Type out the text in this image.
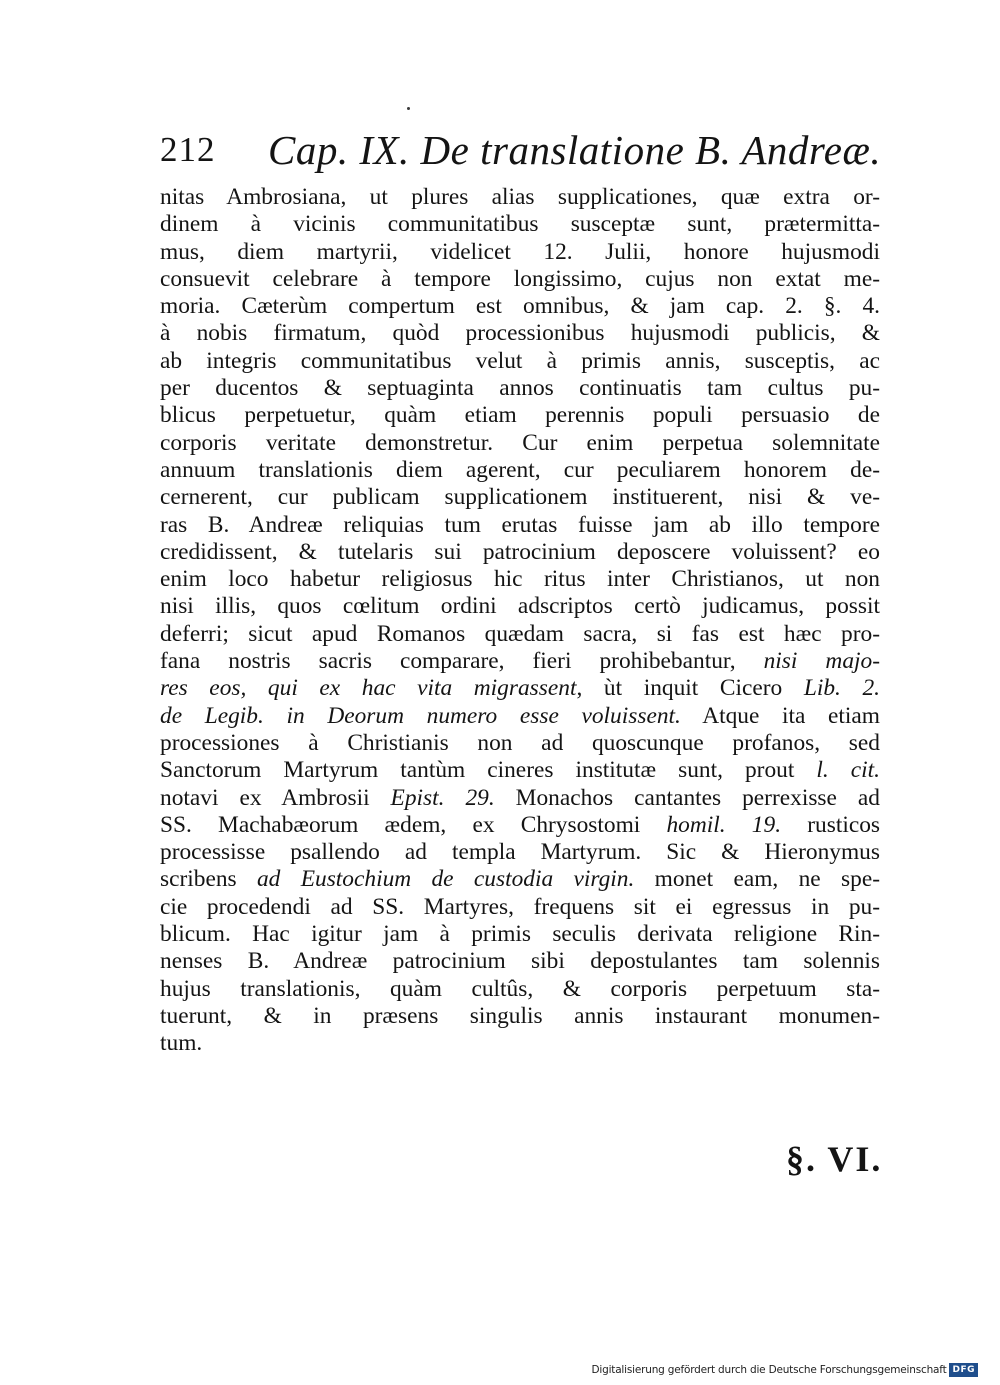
212 Cap. IX. De translatione B. Andreæ.
nitas Ambrosiana, ut plures alias supplicationes, quæ extra or-
dinem à vicinis communitatibus susceptæ sunt, prætermitta-
mus, diem martyrii, videlicet 12. Julii, honore hujusmodi
consuevit celebrare à tempore longissimo, cujus non extat me-
moria. Cæterùm compertum est omnibus, & jam cap. 2. §. 4.
à nobis firmatum, quòd processionibus hujusmodi publicis, &
ab integris communitatibus velut à primis annis, susceptis, ac
per ducentos & septuaginta annos continuatis tam cultus pu-
blicus perpetuetur, quàm etiam perennis populi persuasio de
corporis veritate demonstretur. Cur enim perpetua solemnitate
annuum translationis diem agerent, cur peculiarem honorem de-
cernerent, cur publicam supplicationem instituerent, nisi & ve-
ras B. Andreæ reliquias tum erutas fuisse jam ab illo tempore
credidissent, & tutelaris sui patrocinium deposcere voluissent? eo
enim loco habetur religiosus hic ritus inter Christianos, ut non
nisi illis, quos cœlitum ordini adscriptos certò judicamus, possit
deferri; sicut apud Romanos quædam sacra, si fas est hæc pro-
fana nostris sacris comparare, fieri prohibebantur, nisi majo-
res eos, qui ex hac vita migrassent, ùt inquit Cicero Lib. 2.
de Legib. in Deorum numero esse voluissent. Atque ita etiam
processiones à Christianis non ad quoscunque profanos, sed
Sanctorum Martyrum tantùm cineres institutæ sunt, prout l. cit.
notavi ex Ambrosii Epist. 29. Monachos cantantes perrexisse ad
SS. Machabæorum ædem, ex Chrysostomi homil. 19. rusticos
processisse psallendo ad templa Martyrum. Sic & Hieronymus
scribens ad Eustochium de custodia virgin. monet eam, ne spe-
cie procedendi ad SS. Martyres, frequens sit ei egressus in pu-
blicum. Hac igitur jam à primis seculis derivata religione Rin-
nenses B. Andreæ patrocinium sibi depostulantes tam solennis
hujus translationis, quàm cultûs, & corporis perpetuum sta-
tuerunt, & in præsens singulis annis instaurant monumen-
tum.
§. VI.
Digitalisierung gefördert durch die Deutsche Forschungsgemeinschaft DFG
